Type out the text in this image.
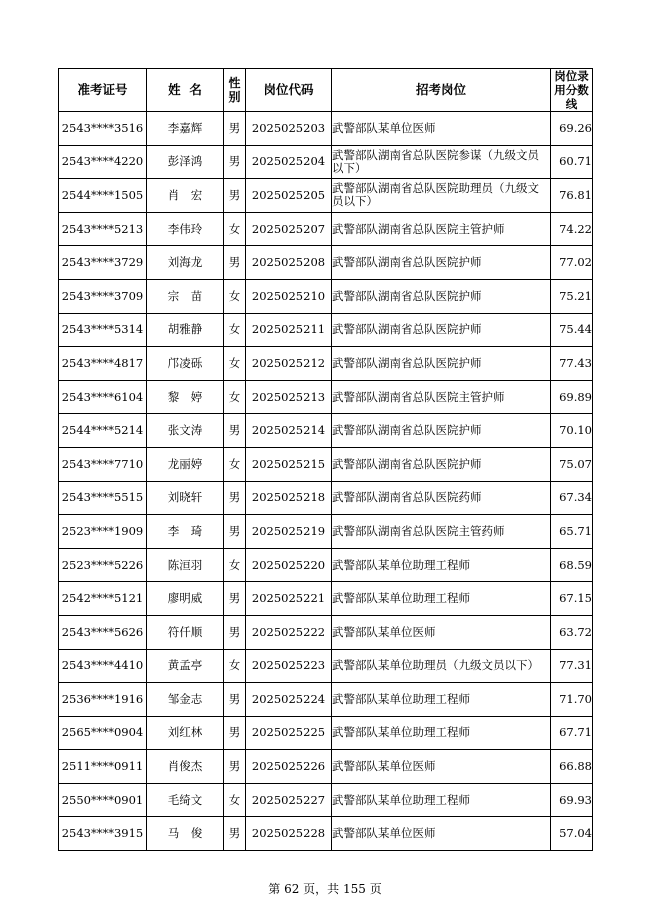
准考证号	姓  名	性别	岗位代码	招考岗位	岗位录用分数线
2543****3516	李嘉辉	男	2025025203	武警部队某单位医师	69.26
2543****4220	彭泽鸿	男	2025025204	武警部队湖南省总队医院参谋（九级文员以下）	60.71
2544****1505	肖　宏	男	2025025205	武警部队湖南省总队医院助理员（九级文员以下）	76.81
2543****5213	李伟玲	女	2025025207	武警部队湖南省总队医院主管护师	74.22
2543****3729	刘海龙	男	2025025208	武警部队湖南省总队医院护师	77.02
2543****3709	宗　苗	女	2025025210	武警部队湖南省总队医院护师	75.21
2543****5314	胡雅静	女	2025025211	武警部队湖南省总队医院护师	75.44
2543****4817	邝凌砾	女	2025025212	武警部队湖南省总队医院护师	77.43
2543****6104	黎　婷	女	2025025213	武警部队湖南省总队医院主管护师	69.89
2544****5214	张文涛	男	2025025214	武警部队湖南省总队医院护师	70.10
2543****7710	龙丽婷	女	2025025215	武警部队湖南省总队医院护师	75.07
2543****5515	刘晓轩	男	2025025218	武警部队湖南省总队医院药师	67.34
2523****1909	李　琦	男	2025025219	武警部队湖南省总队医院主管药师	65.71
2523****5226	陈洹羽	女	2025025220	武警部队某单位助理工程师	68.59
2542****5121	廖明威	男	2025025221	武警部队某单位助理工程师	67.15
2543****5626	符仟顺	男	2025025222	武警部队某单位医师	63.72
2543****4410	黄孟亭	女	2025025223	武警部队某单位助理员（九级文员以下）	77.31
2536****1916	邹金志	男	2025025224	武警部队某单位助理工程师	71.70
2565****0904	刘红林	男	2025025225	武警部队某单位助理工程师	67.71
2511****0911	肖俊杰	男	2025025226	武警部队某单位医师	66.88
2550****0901	毛绮文	女	2025025227	武警部队某单位助理工程师	69.93
2543****3915	马　俊	男	2025025228	武警部队某单位医师	57.04
第 62 页，共 155 页
